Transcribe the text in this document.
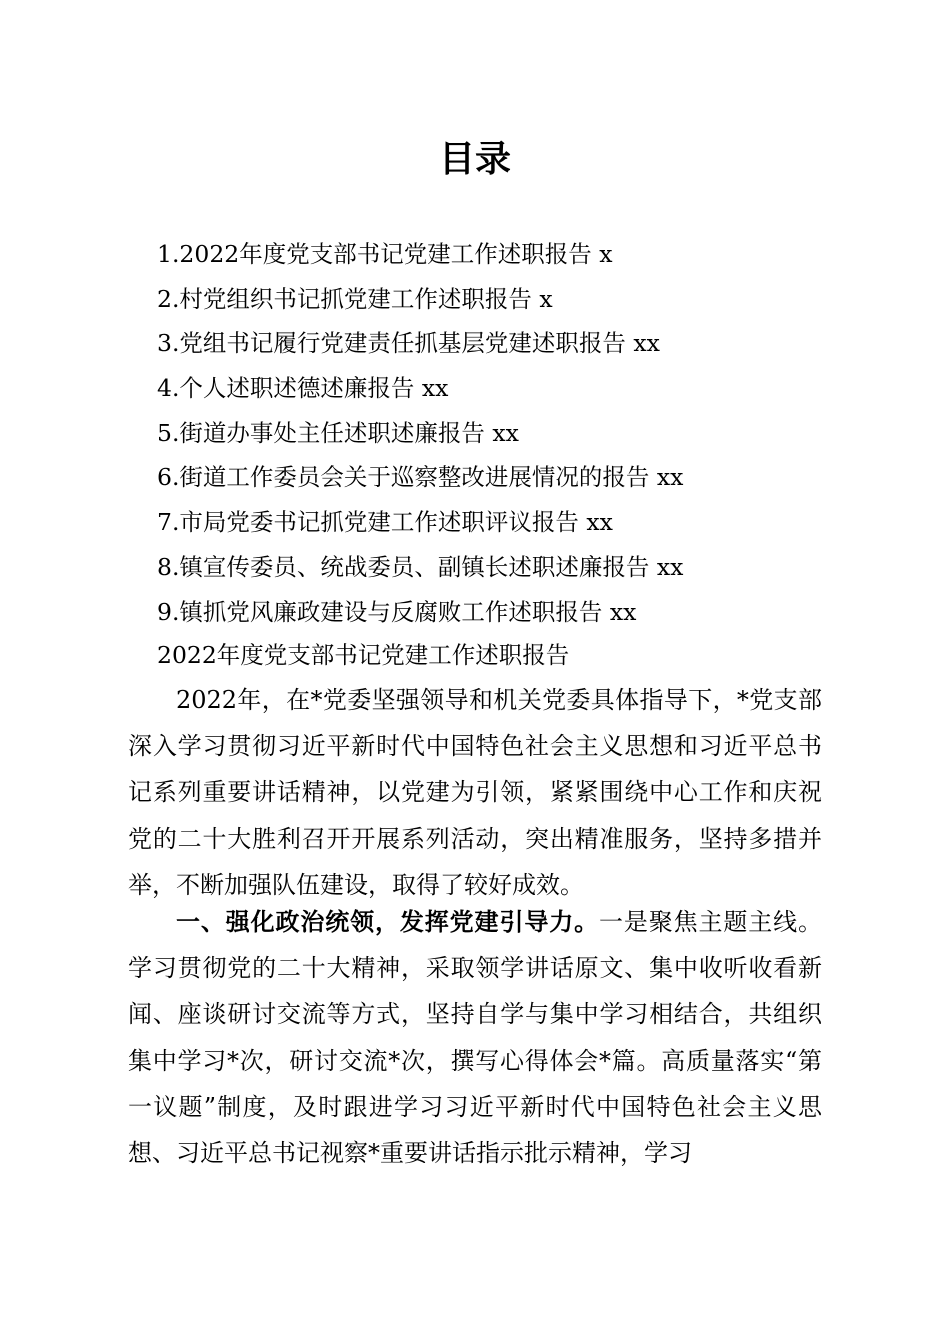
目录
1.2022年度党支部书记党建工作述职报告 x
2.村党组织书记抓党建工作述职报告 x
3.党组书记履行党建责任抓基层党建述职报告 xx
4.个人述职述德述廉报告 xx
5.街道办事处主任述职述廉报告 xx
6.街道工作委员会关于巡察整改进展情况的报告 xx
7.市局党委书记抓党建工作述职评议报告 xx
8.镇宣传委员、统战委员、副镇长述职述廉报告 xx
9.镇抓党风廉政建设与反腐败工作述职报告 xx
2022年度党支部书记党建工作述职报告

2022年，在*党委坚强领导和机关党委具体指导下，*党支部深入学习贯彻习近平新时代中国特色社会主义思想和习近平总书记系列重要讲话精神，以党建为引领，紧紧围绕中心工作和庆祝党的二十大胜利召开开展系列活动，突出精准服务，坚持多措并举，不断加强队伍建设，取得了较好成效。

一、强化政治统领，发挥党建引导力。一是聚焦主题主线。学习贯彻党的二十大精神，采取领学讲话原文、集中收听收看新闻、座谈研讨交流等方式，坚持自学与集中学习相结合，共组织集中学习*次，研讨交流*次，撰写心得体会*篇。高质量落实“第一议题”制度，及时跟进学习习近平新时代中国特色社会主义思想、习近平总书记视察*重要讲话指示批示精神，学习
